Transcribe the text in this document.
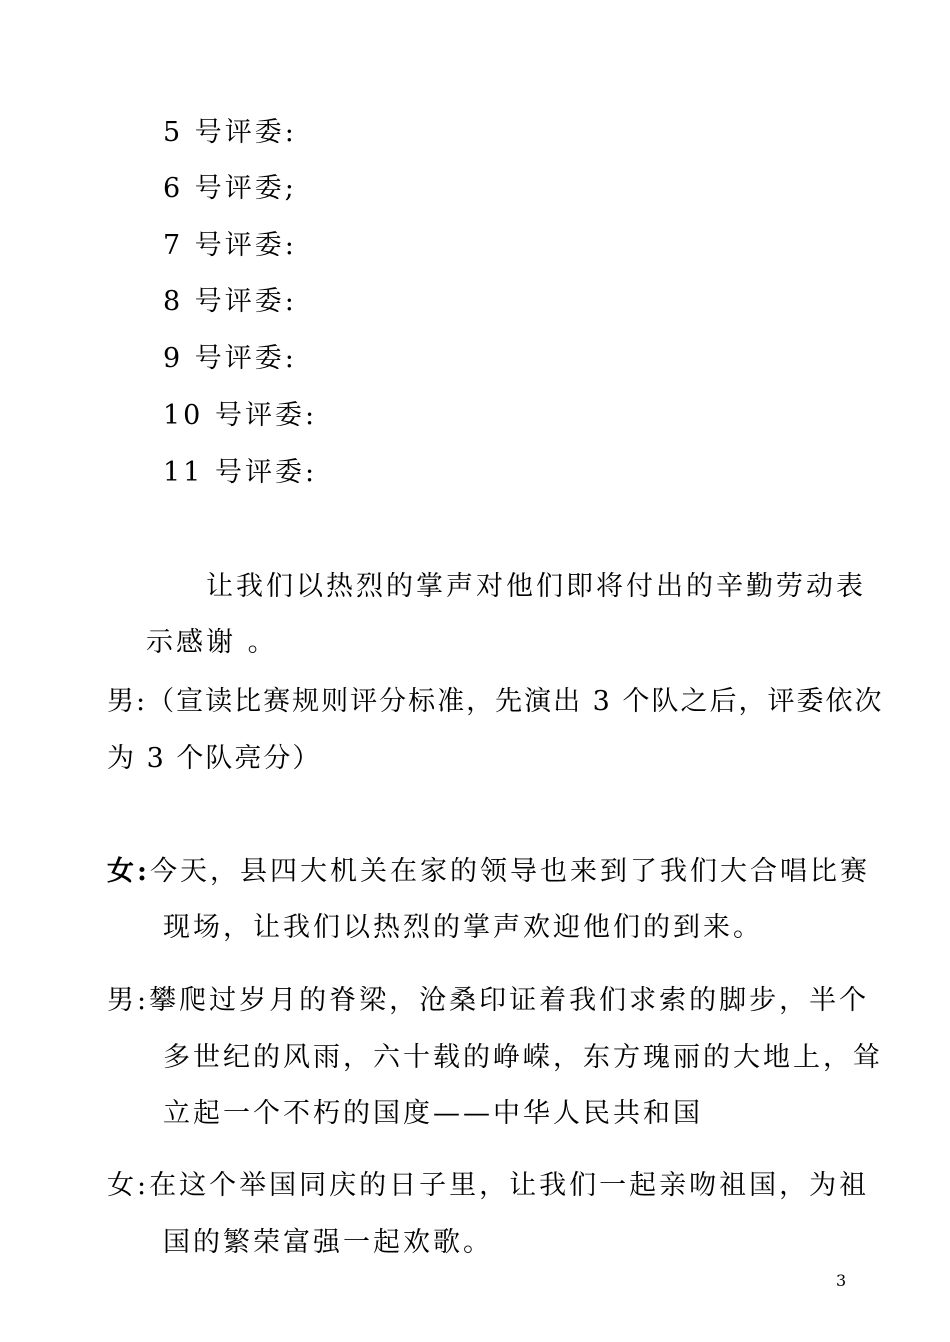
5 号评委:
6 号评委;
7 号评委:
8 号评委:
9 号评委:
10 号评委:
11 号评委:
让我们以热烈的掌声对他们即将付出的辛勤劳动表
示感谢 。
男:（宣读比赛规则评分标准，先演出 3 个队之后，评委依次
为 3 个队亮分）
女:今天，县四大机关在家的领导也来到了我们大合唱比赛
现场，让我们以热烈的掌声欢迎他们的到来。
男:攀爬过岁月的脊梁，沧桑印证着我们求索的脚步，半个
多世纪的风雨，六十载的峥嵘，东方瑰丽的大地上，耸
立起一个不朽的国度——中华人民共和国
女:在这个举国同庆的日子里，让我们一起亲吻祖国，为祖
国的繁荣富强一起欢歌。
3
